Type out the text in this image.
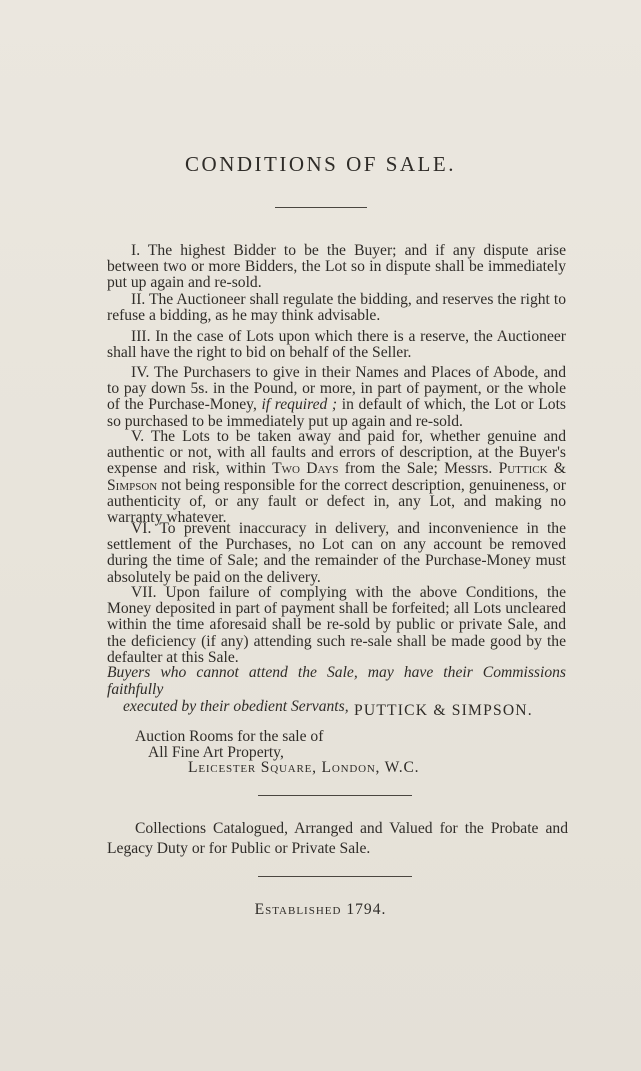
CONDITIONS OF SALE.

I. The highest Bidder to be the Buyer; and if any dispute arise between two or more Bidders, the Lot so in dispute shall be immediately put up again and re-sold.

II. The Auctioneer shall regulate the bidding, and reserves the right to refuse a bidding, as he may think advisable.

III. In the case of Lots upon which there is a reserve, the Auctioneer shall have the right to bid on behalf of the Seller.

IV. The Purchasers to give in their Names and Places of Abode, and to pay down 5s. in the Pound, or more, in part of payment, or the whole of the Purchase-Money, if required ; in default of which, the Lot or Lots so purchased to be immediately put up again and re-sold.

V. The Lots to be taken away and paid for, whether genuine and authentic or not, with all faults and errors of description, at the Buyer's expense and risk, within Two Days from the Sale; Messrs. Puttick & Simpson not being responsible for the correct description, genuineness, or authenticity of, or any fault or defect in, any Lot, and making no warranty whatever.

VI. To prevent inaccuracy in delivery, and inconvenience in the settlement of the Purchases, no Lot can on any account be removed during the time of Sale; and the remainder of the Purchase-Money must absolutely be paid on the delivery.

VII. Upon failure of complying with the above Conditions, the Money deposited in part of payment shall be forfeited; all Lots uncleared within the time aforesaid shall be re-sold by public or private Sale, and the deficiency (if any) attending such re-sale shall be made good by the defaulter at this Sale.

Buyers who cannot attend the Sale, may have their Commissions faithfully
executed by their obedient Servants, PUTTICK & SIMPSON.
Auction Rooms for the sale of
All Fine Art Property,
Leicester Square, London, W.C.

Collections Catalogued, Arranged and Valued for the Probate and Legacy Duty or for Public or Private Sale.

Established 1794.
